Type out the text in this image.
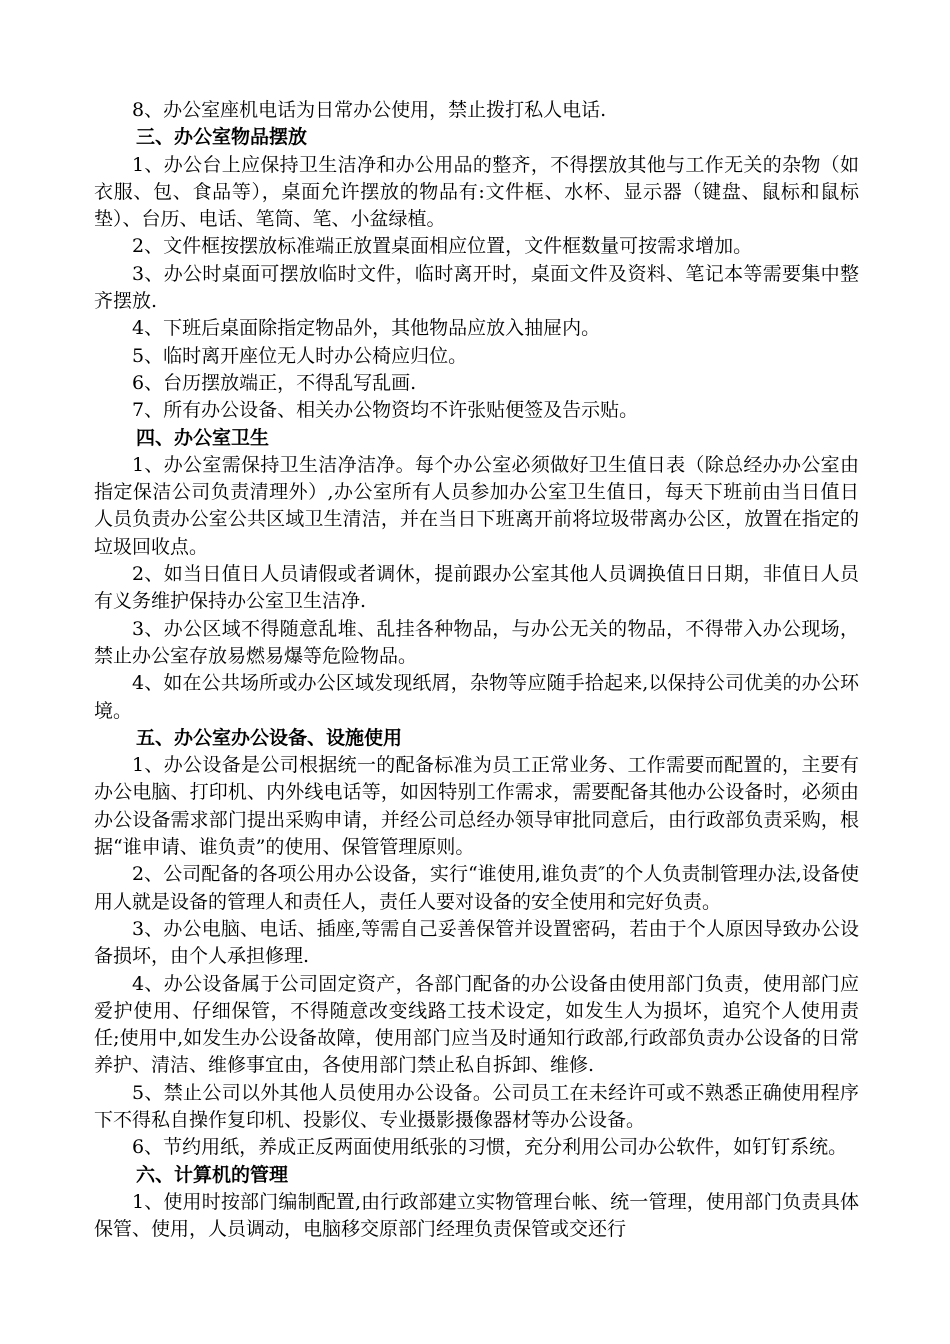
8、办公室座机电话为日常办公使用，禁止拨打私人电话.

三、办公室物品摆放

1、办公台上应保持卫生洁净和办公用品的整齐，不得摆放其他与工作无关的杂物（如衣服、包、食品等），桌面允许摆放的物品有:文件框、水杯、显示器（键盘、鼠标和鼠标垫）、台历、电话、笔筒、笔、小盆绿植。

2、文件框按摆放标准端正放置桌面相应位置，文件框数量可按需求增加。

3、办公时桌面可摆放临时文件，临时离开时，桌面文件及资料、笔记本等需要集中整齐摆放.

4、下班后桌面除指定物品外，其他物品应放入抽屉内。

5、临时离开座位无人时办公椅应归位。

6、台历摆放端正，不得乱写乱画.

7、所有办公设备、相关办公物资均不许张贴便签及告示贴。

四、办公室卫生

1、办公室需保持卫生洁净洁净。每个办公室必须做好卫生值日表（除总经办办公室由指定保洁公司负责清理外）,办公室所有人员参加办公室卫生值日，每天下班前由当日值日人员负责办公室公共区域卫生清洁，并在当日下班离开前将垃圾带离办公区，放置在指定的垃圾回收点。

2、如当日值日人员请假或者调休，提前跟办公室其他人员调换值日日期，非值日人员有义务维护保持办公室卫生洁净.

3、办公区域不得随意乱堆、乱挂各种物品，与办公无关的物品，不得带入办公现场，禁止办公室存放易燃易爆等危险物品。

4、如在公共场所或办公区域发现纸屑，杂物等应随手拾起来,以保持公司优美的办公环境。

五、办公室办公设备、设施使用

1、办公设备是公司根据统一的配备标准为员工正常业务、工作需要而配置的，主要有办公电脑、打印机、内外线电话等，如因特别工作需求，需要配备其他办公设备时，必须由办公设备需求部门提出采购申请，并经公司总经办领导审批同意后，由行政部负责采购，根据“谁申请、谁负责”的使用、保管管理原则。

2、公司配备的各项公用办公设备，实行“谁使用,谁负责″的个人负责制管理办法,设备使用人就是设备的管理人和责任人，责任人要对设备的安全使用和完好负责。

3、办公电脑、电话、插座,等需自己妥善保管并设置密码，若由于个人原因导致办公设备损坏，由个人承担修理.

4、办公设备属于公司固定资产，各部门配备的办公设备由使用部门负责，使用部门应爱护使用、仔细保管，不得随意改变线路工技术设定，如发生人为损坏，追究个人使用责任;使用中,如发生办公设备故障，使用部门应当及时通知行政部,行政部负责办公设备的日常养护、清洁、维修事宜由，各使用部门禁止私自拆卸、维修.

5、禁止公司以外其他人员使用办公设备。公司员工在未经许可或不熟悉正确使用程序下不得私自操作复印机、投影仪、专业摄影摄像器材等办公设备。

6、节约用纸，养成正反两面使用纸张的习惯，充分利用公司办公软件，如钉钉系统。

六、计算机的管理

1、使用时按部门编制配置,由行政部建立实物管理台帐、统一管理，使用部门负责具体保管、使用，人员调动，电脑移交原部门经理负责保管或交还行
